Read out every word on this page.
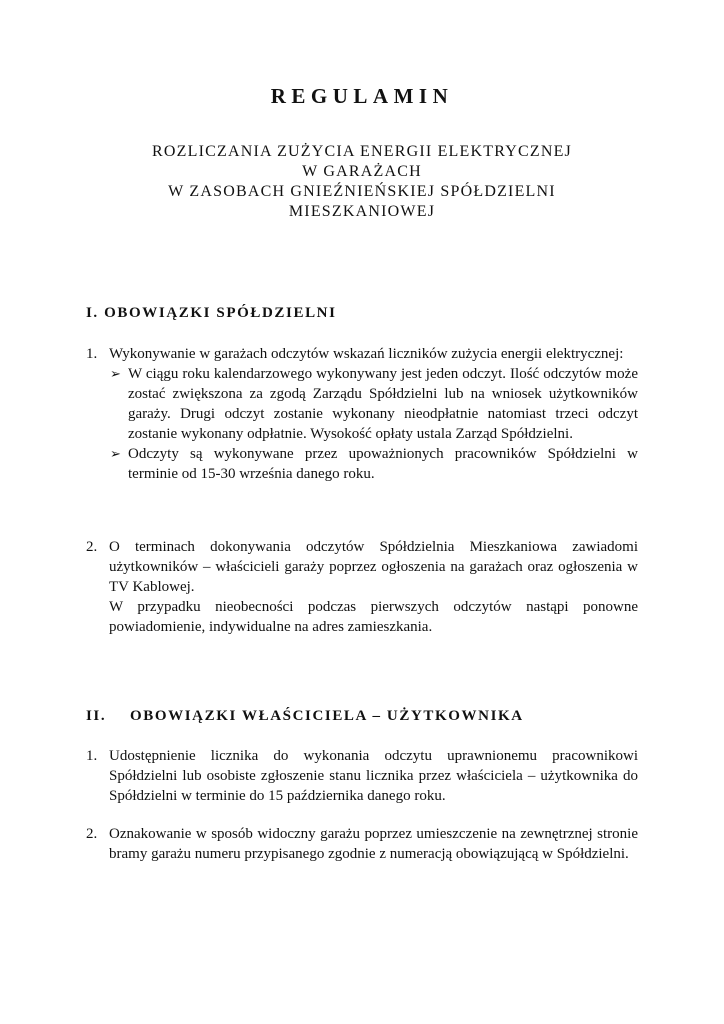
REGULAMIN
ROZLICZANIA ZUŻYCIA ENERGII ELEKTRYCZNEJ
W GARAŻACH
W ZASOBACH GNIEŹNIEŃSKIEJ SPÓŁDZIELNI
MIESZKANIOWEJ
I. OBOWIĄZKI SPÓŁDZIELNI
1. Wykonywanie w garażach odczytów wskazań liczników zużycia energii elektrycznej:

➢ W ciągu roku kalendarzowego wykonywany jest jeden odczyt. Ilość odczytów może zostać zwiększona za zgodą Zarządu Spółdzielni lub na wniosek użytkowników garaży. Drugi odczyt zostanie wykonany nieodpłatnie natomiast trzeci odczyt zostanie wykonany odpłatnie. Wysokość opłaty ustala Zarząd Spółdzielni.
➢ Odczyty są wykonywane przez upoważnionych pracowników Spółdzielni w terminie od 15-30 września danego roku.
2. O terminach dokonywania odczytów Spółdzielnia Mieszkaniowa zawiadomi użytkowników – właścicieli garaży poprzez ogłoszenia na garażach oraz ogłoszenia w TV Kablowej.

W przypadku nieobecności podczas pierwszych odczytów nastąpi ponowne powiadomienie, indywidualne na adres zamieszkania.

II. OBOWIĄZKI WŁAŚCICIELA – UŻYTKOWNIKA
1. Udostępnienie licznika do wykonania odczytu uprawnionemu pracownikowi Spółdzielni lub osobiste zgłoszenie stanu licznika przez właściciela – użytkownika do Spółdzielni w terminie do 15 października danego roku.

2. Oznakowanie w sposób widoczny garażu poprzez umieszczenie na zewnętrznej stronie bramy garażu numeru przypisanego zgodnie z numeracją obowiązującą w Spółdzielni.
